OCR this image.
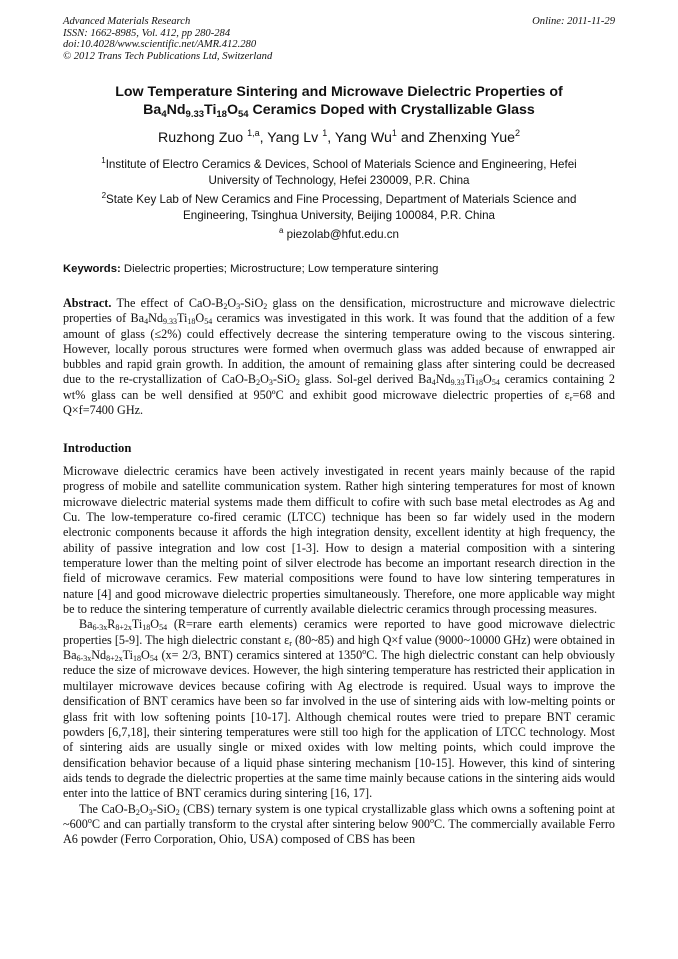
Advanced Materials Research
ISSN: 1662-8985, Vol. 412, pp 280-284
doi:10.4028/www.scientific.net/AMR.412.280
© 2012 Trans Tech Publications Ltd, Switzerland
Online: 2011-11-29
Low Temperature Sintering and Microwave Dielectric Properties of
$Ba_4Nd_{9.33}Ti_{18}O_{54}$ Ceramics Doped with Crystallizable Glass
Ruzhong Zuo $^{1,a}$, Yang Lv $^1$, Yang Wu$^1$ and Zhenxing Yue$^2$
$^1$Institute of Electro Ceramics & Devices, School of Materials Science and Engineering, Hefei
University of Technology, Hefei 230009, P.R. China
$^2$State Key Lab of New Ceramics and Fine Processing, Department of Materials Science and
Engineering, Tsinghua University, Beijing 100084, P.R. China
$^a$ piezolab@hfut.edu.cn
Keywords: Dielectric properties; Microstructure; Low temperature sintering
Abstract. The effect of CaO-$B_2O_3-SiO_2$ glass on the densification, microstructure and microwave dielectric properties of $Ba_4Nd_{9.33}Ti_{18}O_{54}$ ceramics was investigated in this work. It was found that the addition of a few amount of glass (≤2%) could effectively decrease the sintering temperature owing to the viscous sintering. However, locally porous structures were formed when overmuch glass was added because of enwrapped air bubbles and rapid grain growth. In addition, the amount of remaining glass after sintering could be decreased due to the re-crystallization of CaO-$B_2O_3-SiO_2$ glass. Sol-gel derived $Ba_4Nd_{9.33}Ti_{18}O_{54}$ ceramics containing 2 wt% glass can be well densified at 950ºC and exhibit good microwave dielectric properties of $\varepsilon_r=68$ and Q×f=7400 GHz.
Introduction

Microwave dielectric ceramics have been actively investigated in recent years mainly because of the rapid progress of mobile and satellite communication system. Rather high sintering temperatures for most of known microwave dielectric material systems made them difficult to cofire with such base metal electrodes as Ag and Cu. The low-temperature co-fired ceramic (LTCC) technique has been so far widely used in the modern electronic components because it affords the high integration density, excellent identity at high frequency, the ability of passive integration and low cost [1-3]. How to design a material composition with a sintering temperature lower than the melting point of silver electrode has become an important research direction in the field of microwave ceramics. Few material compositions were found to have low sintering temperatures in nature [4] and good microwave dielectric properties simultaneously. Therefore, one more applicable way might be to reduce the sintering temperature of currently available dielectric ceramics through processing measures.

$Ba_{6-3x}R_{8+2x}Ti_{18}O_{54}$ (R=rare earth elements) ceramics were reported to have good microwave dielectric properties [5-9]. The high dielectric constant $\varepsilon_r$ (80~85) and high Q×f value (9000~10000 GHz) were obtained in $Ba_{6-3x}Nd_{8+2x}Ti_{18}O_{54}$ (x= 2/3, BNT) ceramics sintered at 1350$^o$C. The high dielectric constant can help obviously reduce the size of microwave devices. However, the high sintering temperature has restricted their application in multilayer microwave devices because cofiring with Ag electrode is required. Usual ways to improve the densification of BNT ceramics have been so far involved in the use of sintering aids with low-melting points or glass frit with low softening points [10-17]. Although chemical routes were tried to prepare BNT ceramic powders [6,7,18], their sintering temperatures were still too high for the application of LTCC technology. Most of sintering aids are usually single or mixed oxides with low melting points, which could improve the densification behavior because of a liquid phase sintering mechanism [10-15]. However, this kind of sintering aids tends to degrade the dielectric properties at the same time mainly because cations in the sintering aids would enter into the lattice of BNT ceramics during sintering [16, 17].

The CaO-$B_2O_3-SiO_2$ (CBS) ternary system is one typical crystallizable glass which owns a softening point at ~600$^o$C and can partially transform to the crystal after sintering below 900$^o$C. The commercially available Ferro A6 powder (Ferro Corporation, Ohio, USA) composed of CBS has been
